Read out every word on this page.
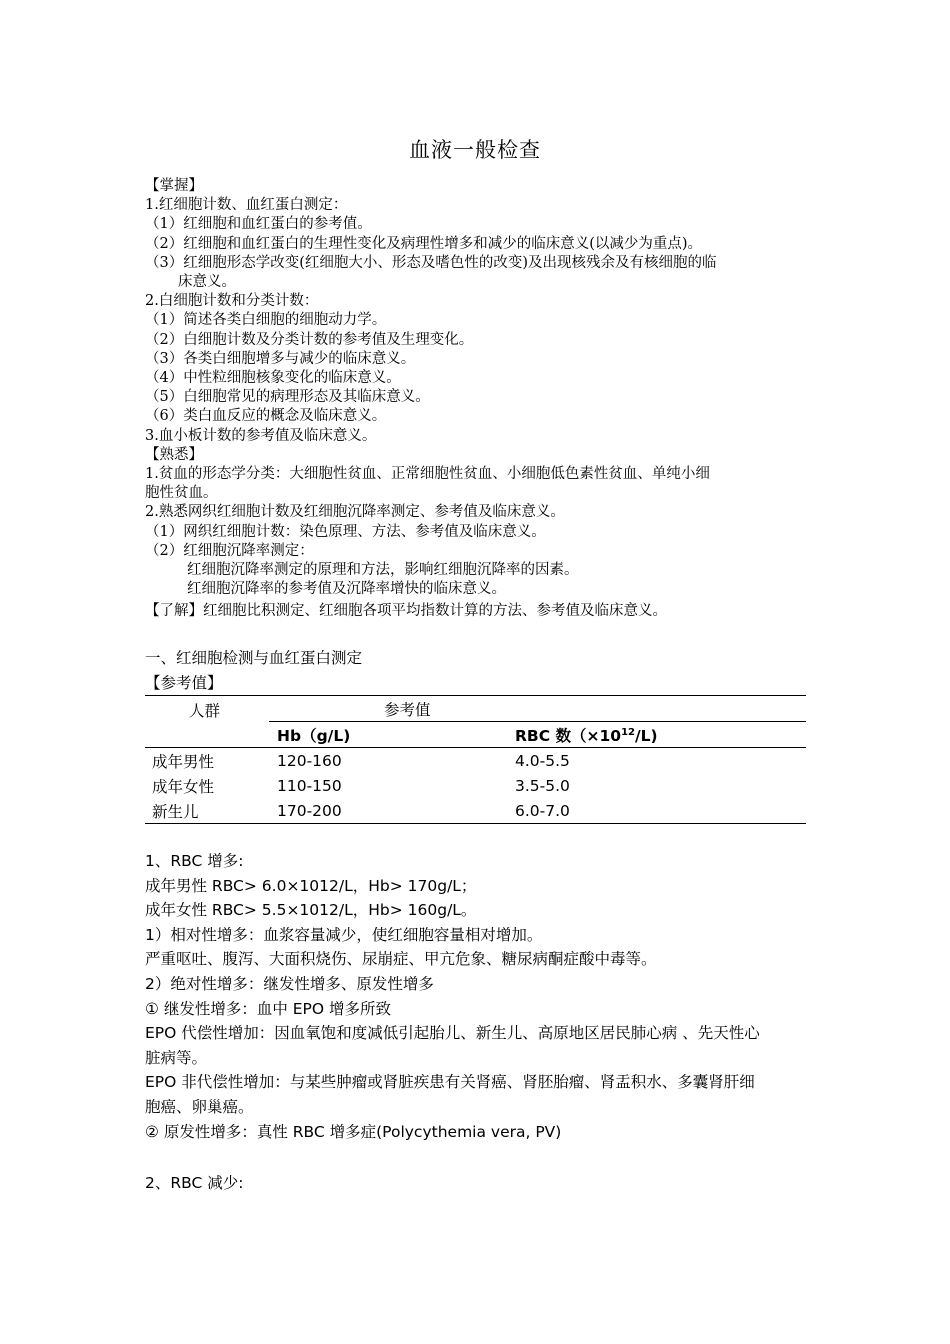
血液一般检查
【掌握】
1.红细胞计数、血红蛋白测定：
（1）红细胞和血红蛋白的参考值。
（2）红细胞和血红蛋白的生理性变化及病理性增多和减少的临床意义(以减少为重点)。
（3）红细胞形态学改变(红细胞大小、形态及嗜色性的改变)及出现核残余及有核细胞的临
床意义。
2.白细胞计数和分类计数：
（1）简述各类白细胞的细胞动力学。
（2）白细胞计数及分类计数的参考值及生理变化。
（3）各类白细胞增多与减少的临床意义。
（4）中性粒细胞核象变化的临床意义。
（5）白细胞常见的病理形态及其临床意义。
（6）类白血反应的概念及临床意义。
3.血小板计数的参考值及临床意义。
【熟悉】
1.贫血的形态学分类：大细胞性贫血、正常细胞性贫血、小细胞低色素性贫血、单纯小细
胞性贫血。
2.熟悉网织红细胞计数及红细胞沉降率测定、参考值及临床意义。
（1）网织红细胞计数：染色原理、方法、参考值及临床意义。
（2）红细胞沉降率测定：
红细胞沉降率测定的原理和方法，影响红细胞沉降率的因素。
红细胞沉降率的参考值及沉降率增快的临床意义。
【了解】红细胞比积测定、红细胞各项平均指数计算的方法、参考值及临床意义。
一、红细胞检测与血红蛋白测定
【参考值】
人群	参考值	
	Hb（g/L)	RBC 数$(\times 10^{12}/L)$
成年男性	120-160	4.0-5.5
成年女性	110-150	3.5-5.0
新生儿	170-200	6.0-7.0
1、RBC 增多:
成年男性 RBC> 6.0×1012/L，Hb> 170g/L；
成年女性 RBC> 5.5×1012/L，Hb> 160g/L。
1）相对性增多：血浆容量减少，使红细胞容量相对增加。
严重呕吐、腹泻、大面积烧伤、尿崩症、甲亢危象、糖尿病酮症酸中毒等。
2）绝对性增多：继发性增多、原发性增多
① 继发性增多：血中 EPO 增多所致
EPO 代偿性增加：因血氧饱和度减低引起胎儿、新生儿、高原地区居民肺心病 、先天性心
脏病等。
EPO 非代偿性增加：与某些肿瘤或肾脏疾患有关肾癌、肾胚胎瘤、肾盂积水、多囊肾肝细
胞癌、卵巢癌。
② 原发性增多：真性 RBC 增多症(Polycythemia vera, PV)
2、RBC 减少:
